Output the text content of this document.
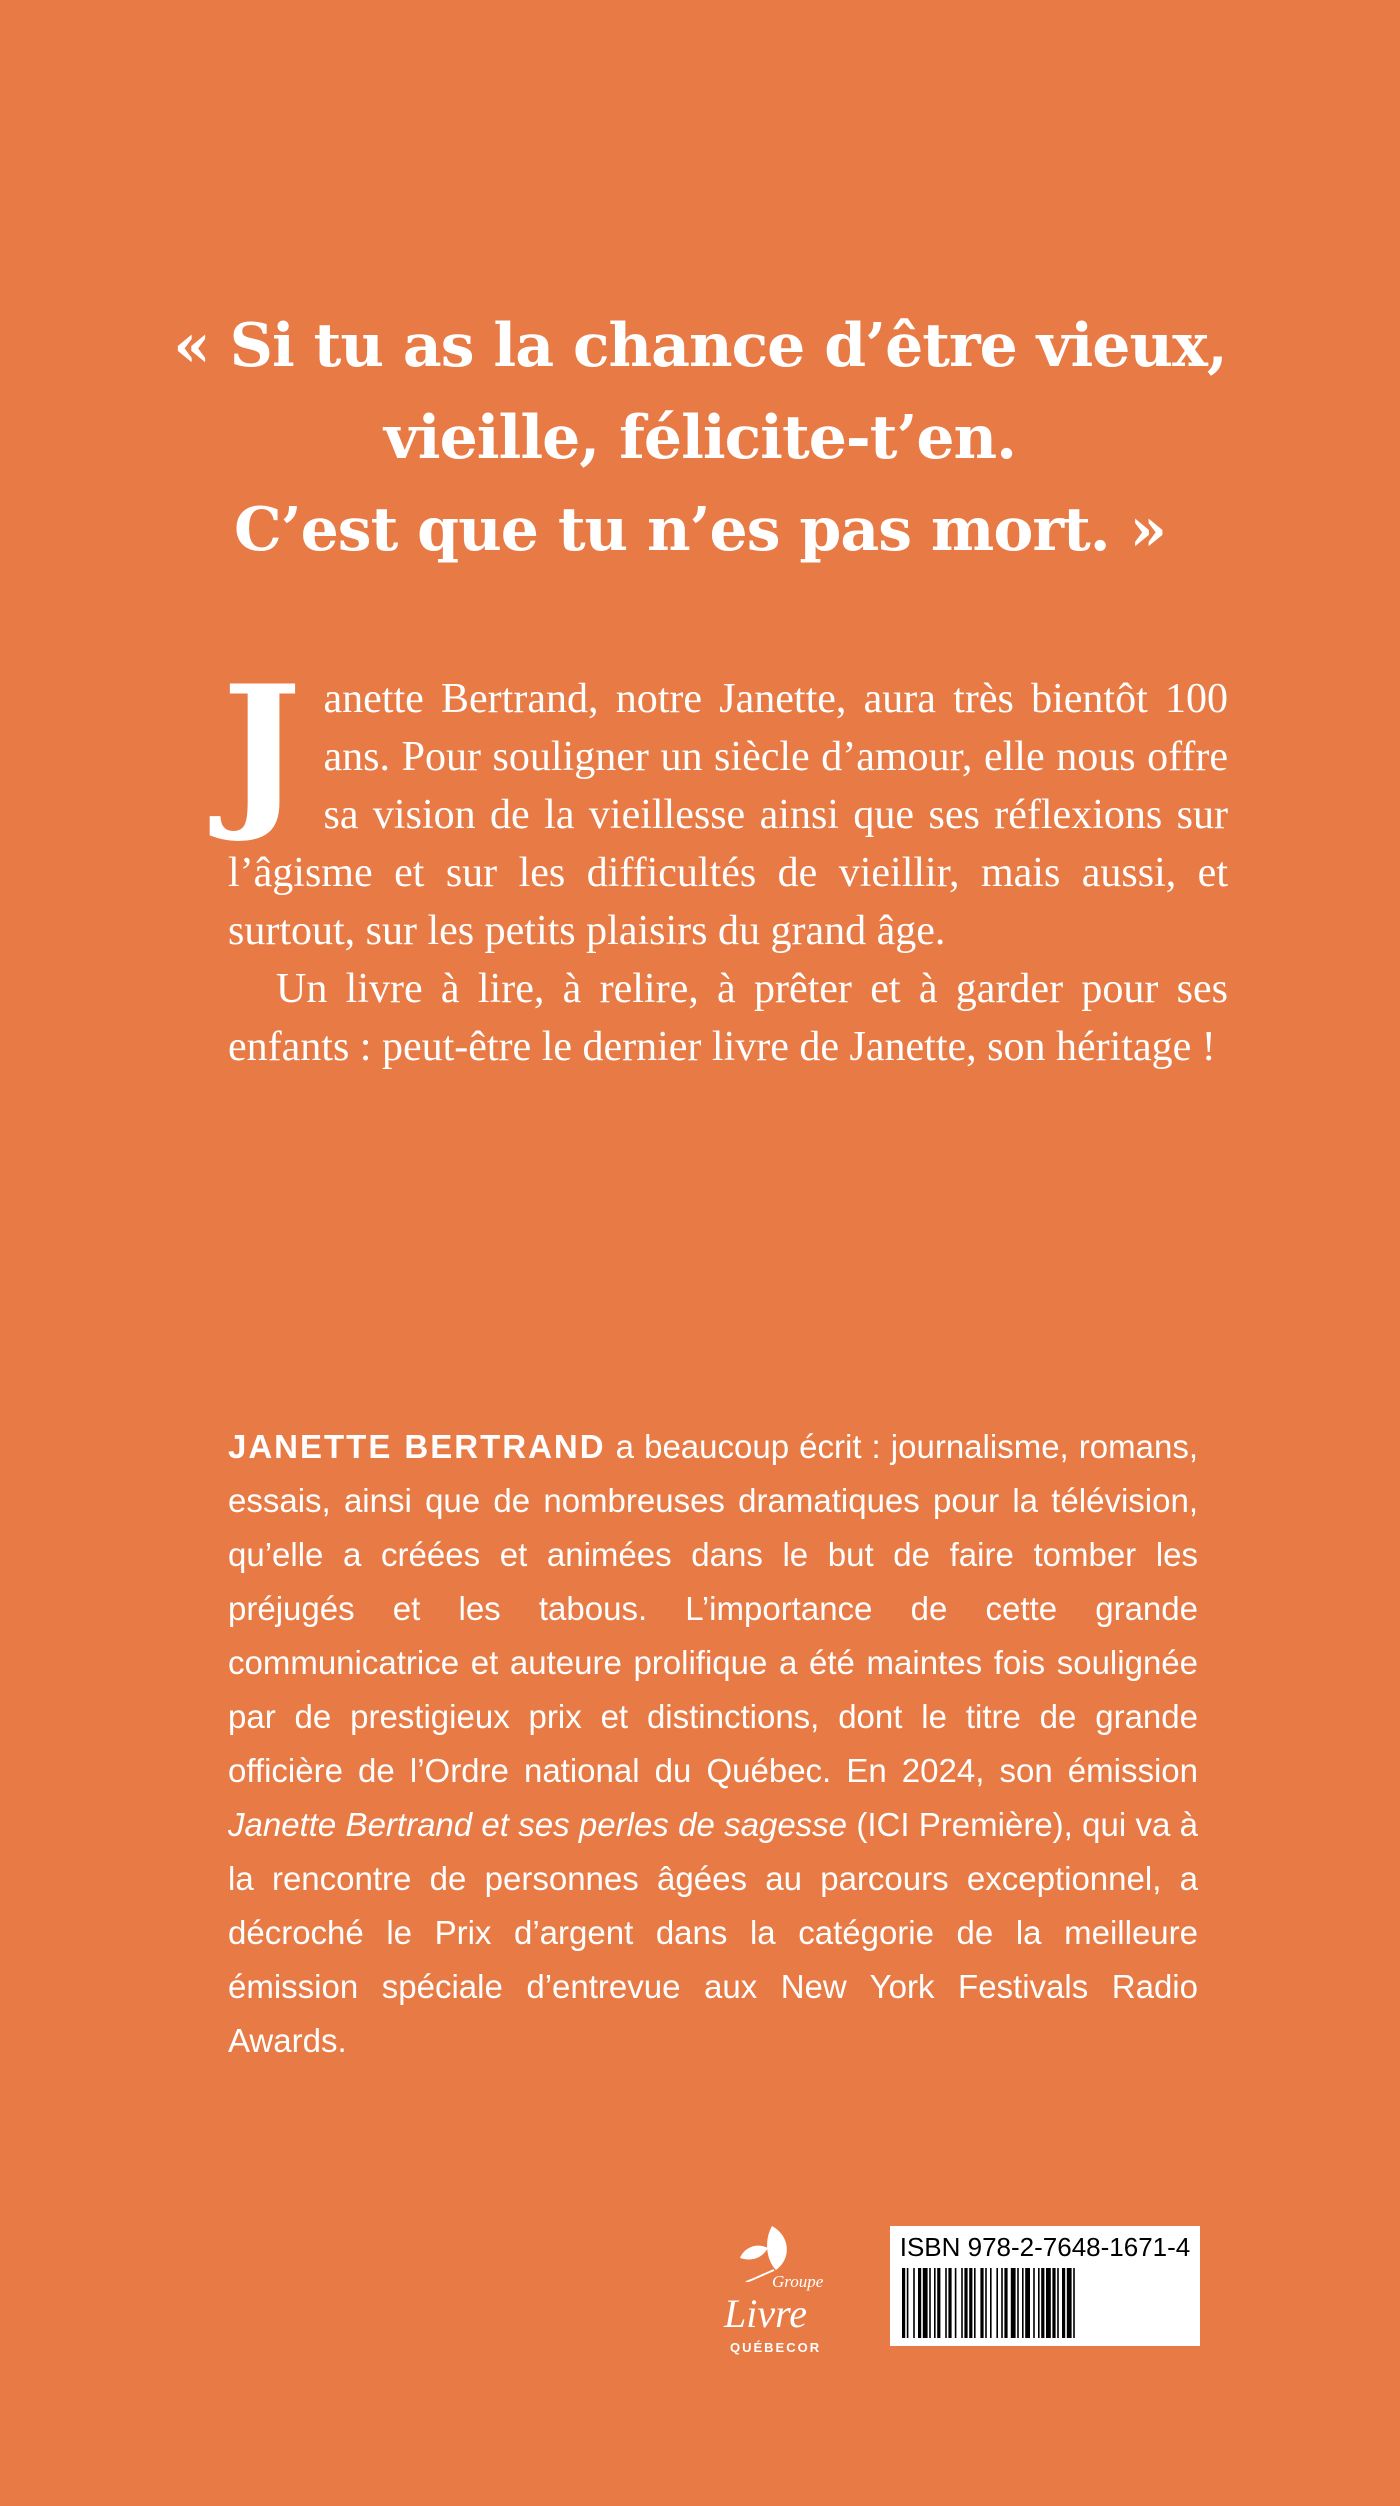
« Si tu as la chance d’être vieux,
vieille, félicite-t’en.
C’est que tu n’es pas mort. »
J anette Bertrand, notre Janette, aura très bientôt 100 ans. Pour souligner un siècle d’amour, elle nous offre sa vision de la vieillesse ainsi que ses réflexions sur l’âgisme et sur les difficultés de vieillir, mais aussi, et surtout, sur les petits plaisirs du grand âge.

Un livre à lire, à relire, à prêter et à garder pour ses enfants : peut-être le dernier livre de Janette, son héritage !

JANETTE BERTRAND a beaucoup écrit : journalisme, romans, essais, ainsi que de nombreuses dramatiques pour la télévision, qu’elle a créées et animées dans le but de faire tomber les préjugés et les tabous. L’importance de cette grande communicatrice et auteure prolifique a été maintes fois soulignée par de prestigieux prix et distinctions, dont le titre de grande officière de l’Ordre national du Québec. En 2024, son émission Janette Bertrand et ses perles de sagesse (ICI Première), qui va à la rencontre de personnes âgées au parcours exceptionnel, a décroché le Prix d’argent dans la catégorie de la meilleure émission spéciale d’entrevue aux New York Festivals Radio Awards.

Groupe
Livre
QUÉBECOR
ISBN 978-2-7648-1671-4
